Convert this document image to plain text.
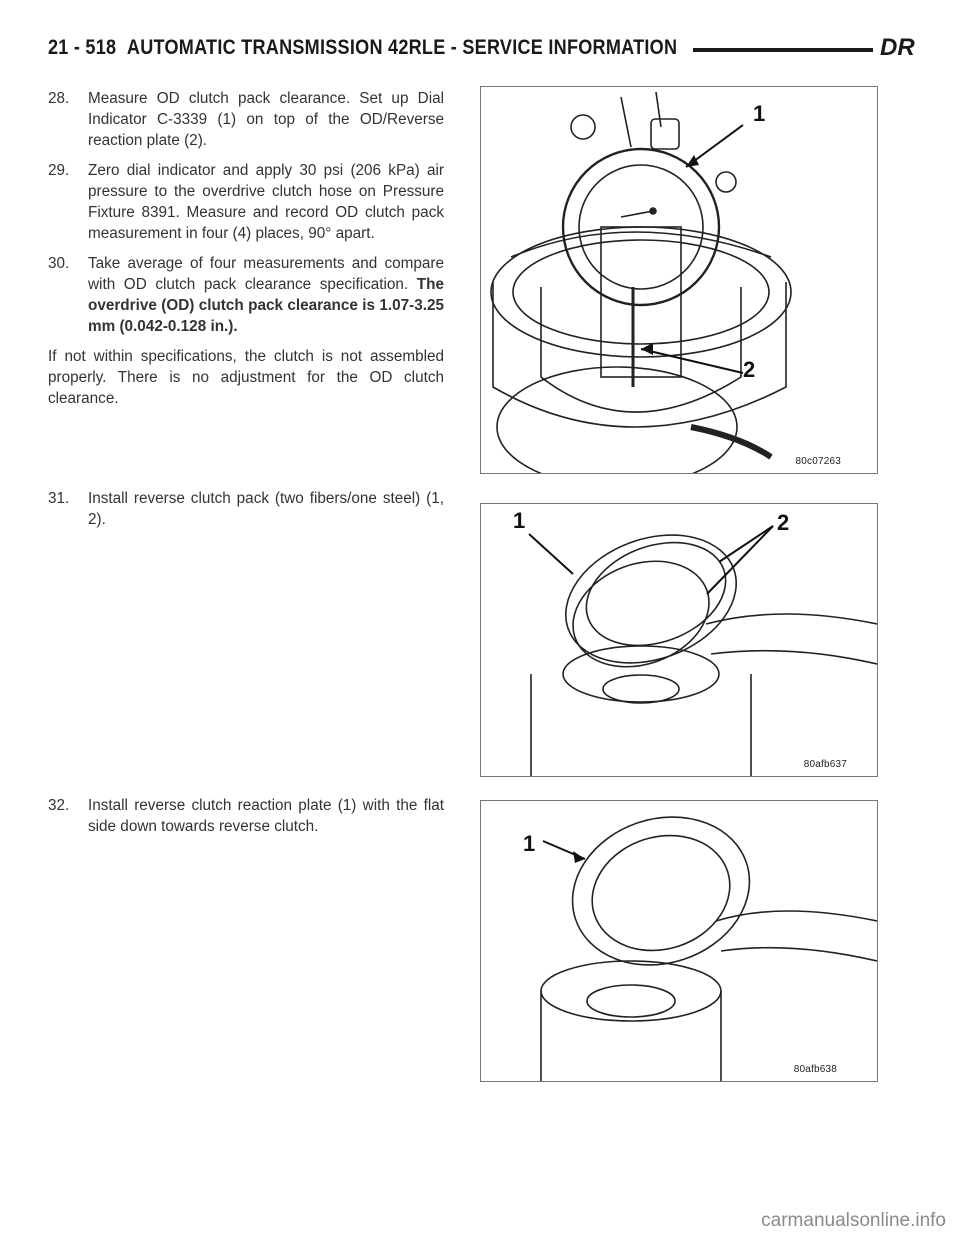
21 - 518 AUTOMATIC TRANSMISSION 42RLE - SERVICE INFORMATION	DR
28.	Measure OD clutch pack clearance. Set up Dial Indicator C-3339 (1) on top of the OD/Reverse reaction plate (2).
29.	Zero dial indicator and apply 30 psi (206 kPa) air pressure to the overdrive clutch hose on Pressure Fixture 8391. Measure and record OD clutch pack measurement in four (4) places, 90° apart.
30.	Take average of four measurements and compare with OD clutch pack clearance specification. The overdrive (OD) clutch pack clearance is 1.07-3.25 mm (0.042-0.128 in.).
If not within specifications, the clutch is not assembled properly. There is no adjustment for the OD clutch clearance.
31.	Install reverse clutch pack (two fibers/one steel) (1, 2).
32.	Install reverse clutch reaction plate (1) with the flat side down towards reverse clutch.
1
2
80c07263
1	2
80afb637
1
80afb638
carmanualsonline.info
